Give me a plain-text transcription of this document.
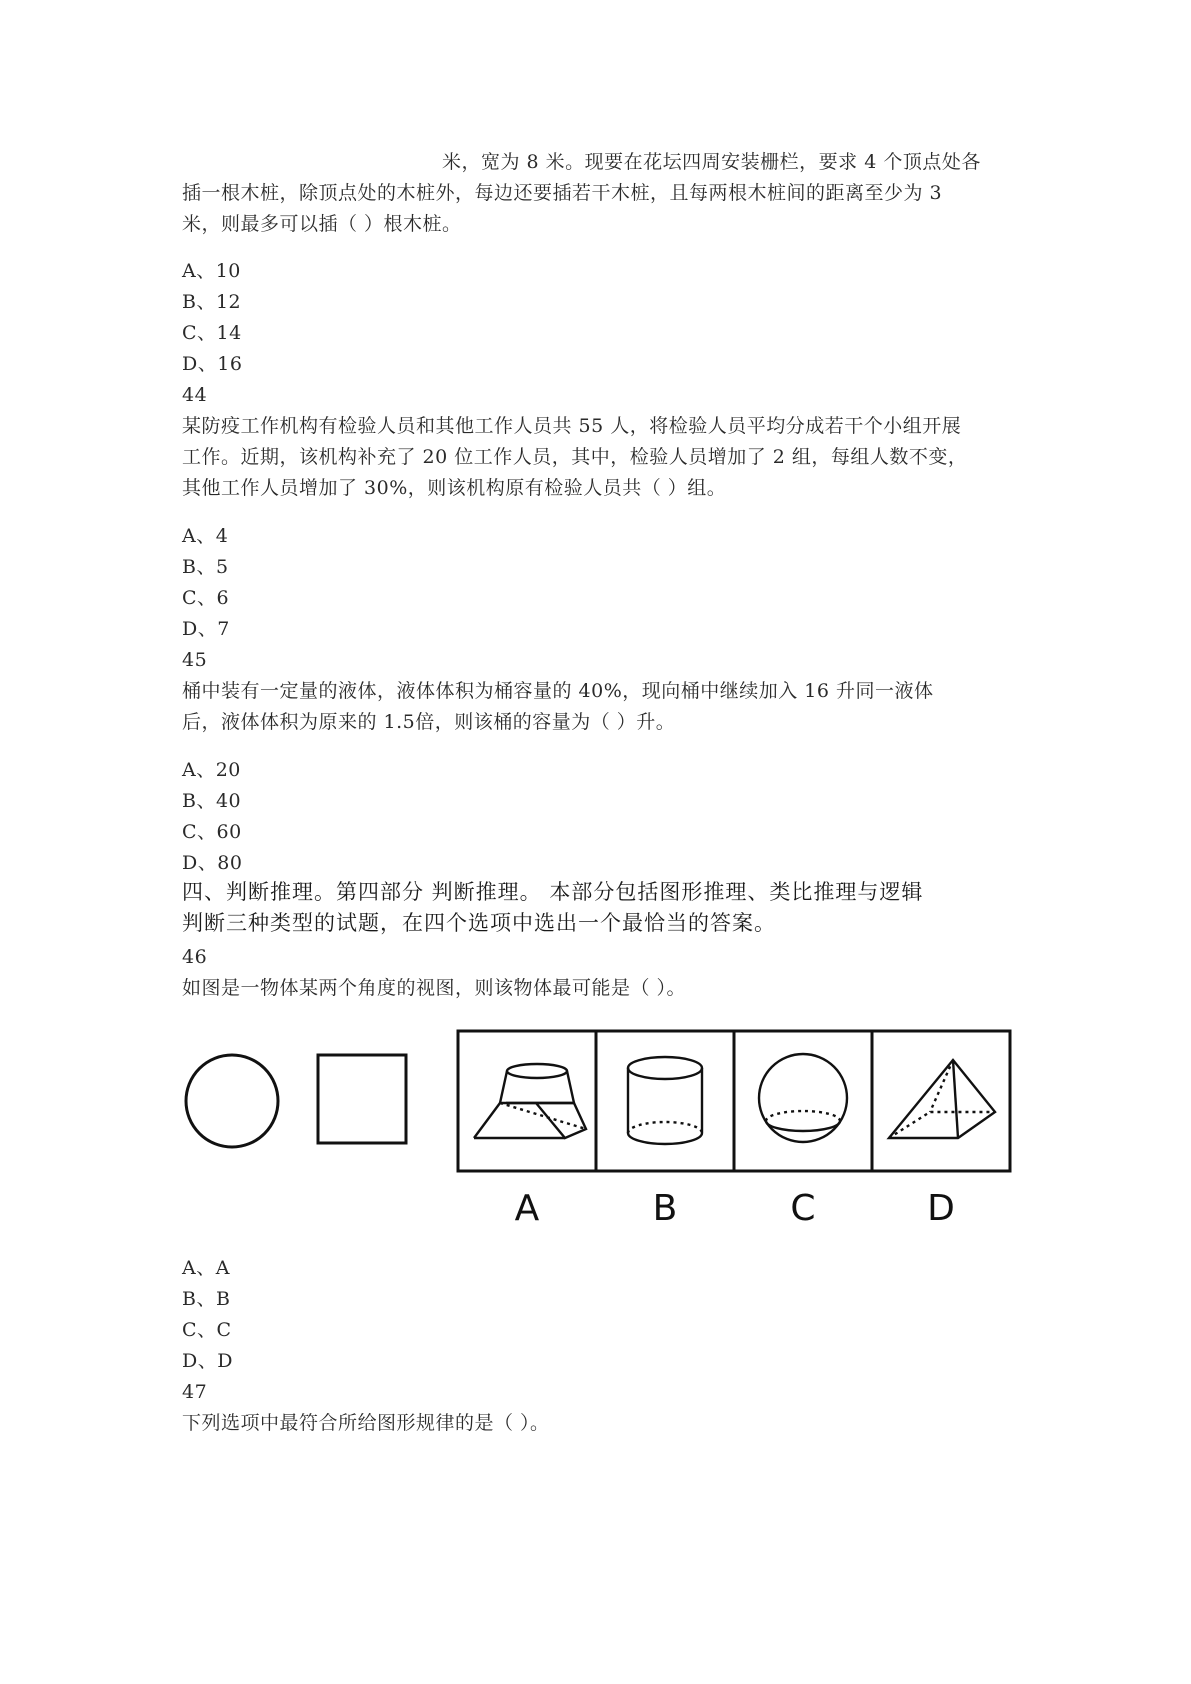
米，宽为 8 米。现要在花坛四周安装栅栏，要求 4 个顶点处各
插一根木桩，除顶点处的木桩外，每边还要插若干木桩，且每两根木桩间的距离至少为 3
米，则最多可以插（ ）根木桩。
A、10
B、12
C、14
D、16
44
某防疫工作机构有检验人员和其他工作人员共 55 人，将检验人员平均分成若干个小组开展
工作。近期，该机构补充了 20 位工作人员，其中，检验人员增加了 2 组，每组人数不变，
其他工作人员增加了 30%，则该机构原有检验人员共（ ）组。
A、4
B、5
C、6
D、7
45
桶中装有一定量的液体，液体体积为桶容量的 40%，现向桶中继续加入 16 升同一液体
后，液体体积为原来的 1.5倍，则该桶的容量为（ ）升。
A、20
B、40
C、60
D、80
四、判断推理。第四部分 判断推理。 本部分包括图形推理、类比推理与逻辑
判断三种类型的试题，在四个选项中选出一个最恰当的答案。
46
如图是一物体某两个角度的视图，则该物体最可能是（ ）。
A	B	C	D
A、A
B、B
C、C
D、D
47
下列选项中最符合所给图形规律的是（ ）。
